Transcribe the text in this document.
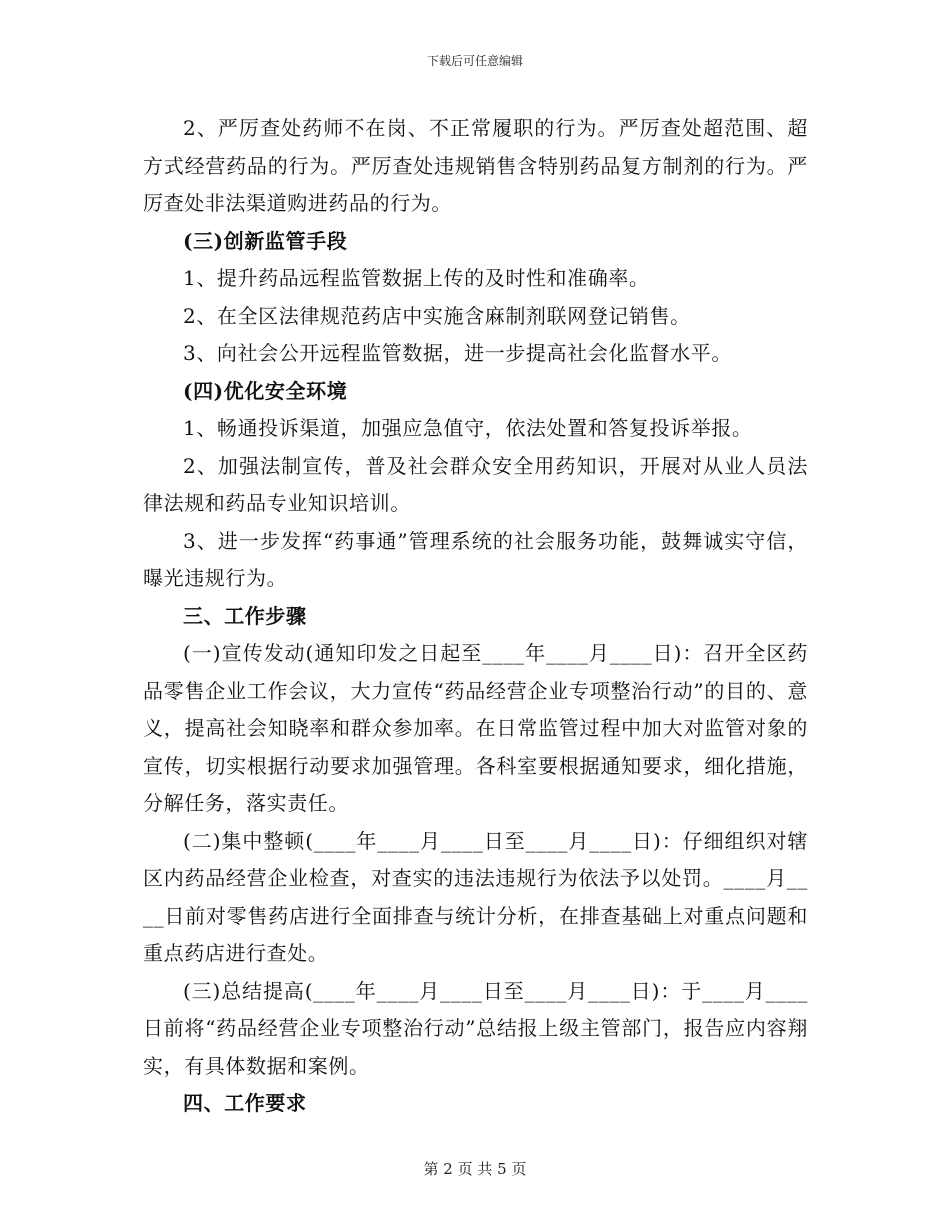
下载后可任意编辑

2、严厉查处药师不在岗、不正常履职的行为。严厉查处超范围、超方式经营药品的行为。严厉查处违规销售含特别药品复方制剂的行为。严厉查处非法渠道购进药品的行为。

(三)创新监管手段

1、提升药品远程监管数据上传的及时性和准确率。

2、在全区法律规范药店中实施含麻制剂联网登记销售。

3、向社会公开远程监管数据，进一步提高社会化监督水平。

(四)优化安全环境

1、畅通投诉渠道，加强应急值守，依法处置和答复投诉举报。

2、加强法制宣传，普及社会群众安全用药知识，开展对从业人员法律法规和药品专业知识培训。

3、进一步发挥“药事通”管理系统的社会服务功能，鼓舞诚实守信，曝光违规行为。

三、工作步骤

(一)宣传发动(通知印发之日起至____年____月____日)：召开全区药品零售企业工作会议，大力宣传“药品经营企业专项整治行动”的目的、意义，提高社会知晓率和群众参加率。在日常监管过程中加大对监管对象的宣传，切实根据行动要求加强管理。各科室要根据通知要求，细化措施，分解任务，落实责任。

(二)集中整顿(____年____月____日至____月____日)：仔细组织对辖区内药品经营企业检查，对查实的违法违规行为依法予以处罚。____月____日前对零售药店进行全面排查与统计分析，在排查基础上对重点问题和重点药店进行查处。

(三)总结提高(____年____月____日至____月____日)：于____月____日前将“药品经营企业专项整治行动”总结报上级主管部门，报告应内容翔实，有具体数据和案例。

四、工作要求

第 2 页 共 5 页
